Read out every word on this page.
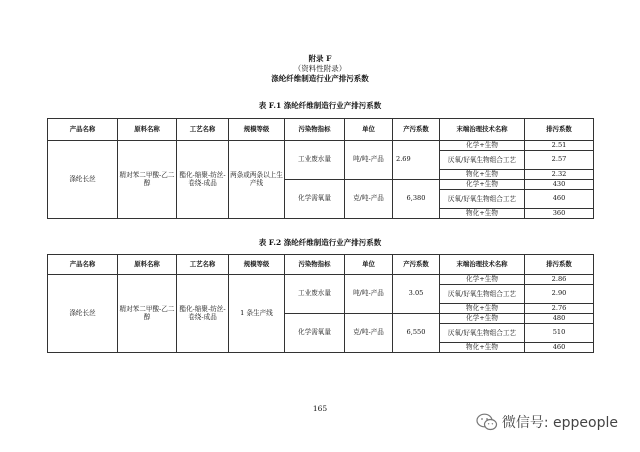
附录 F
（资料性附录）
涤纶纤维制造行业产排污系数
表 F.1 涤纶纤维制造行业产排污系数
产品名称	原料名称	工艺名称	规模等级	污染物指标	单位	产污系数	末端治理技术名称	排污系数
涤纶长丝	精对苯二甲酸-乙二醇	酯化-缩聚-纺丝-卷绕-成品	两条或两条以上生产线	工业废水量	吨/吨-产品	2.69	化学+生物	2.51
							厌氧/好氧生物组合工艺	2.57
							物化+生物	2.32
				化学需氧量	克/吨-产品	6,380	化学+生物	430
							厌氧/好氧生物组合工艺	460
							物化+生物	360
表 F.2 涤纶纤维制造行业产排污系数
产品名称	原料名称	工艺名称	规模等级	污染物指标	单位	产污系数	末端治理技术名称	排污系数
涤纶长丝	精对苯二甲酸-乙二醇	酯化-缩聚-纺丝-卷绕-成品	1 条生产线	工业废水量	吨/吨-产品	3.05	化学+生物	2.86
							厌氧/好氧生物组合工艺	2.90
							物化+生物	2.76
				化学需氧量	克/吨-产品	6,550	化学+生物	480
							厌氧/好氧生物组合工艺	510
							物化+生物	460
165
微信号: eppeople
